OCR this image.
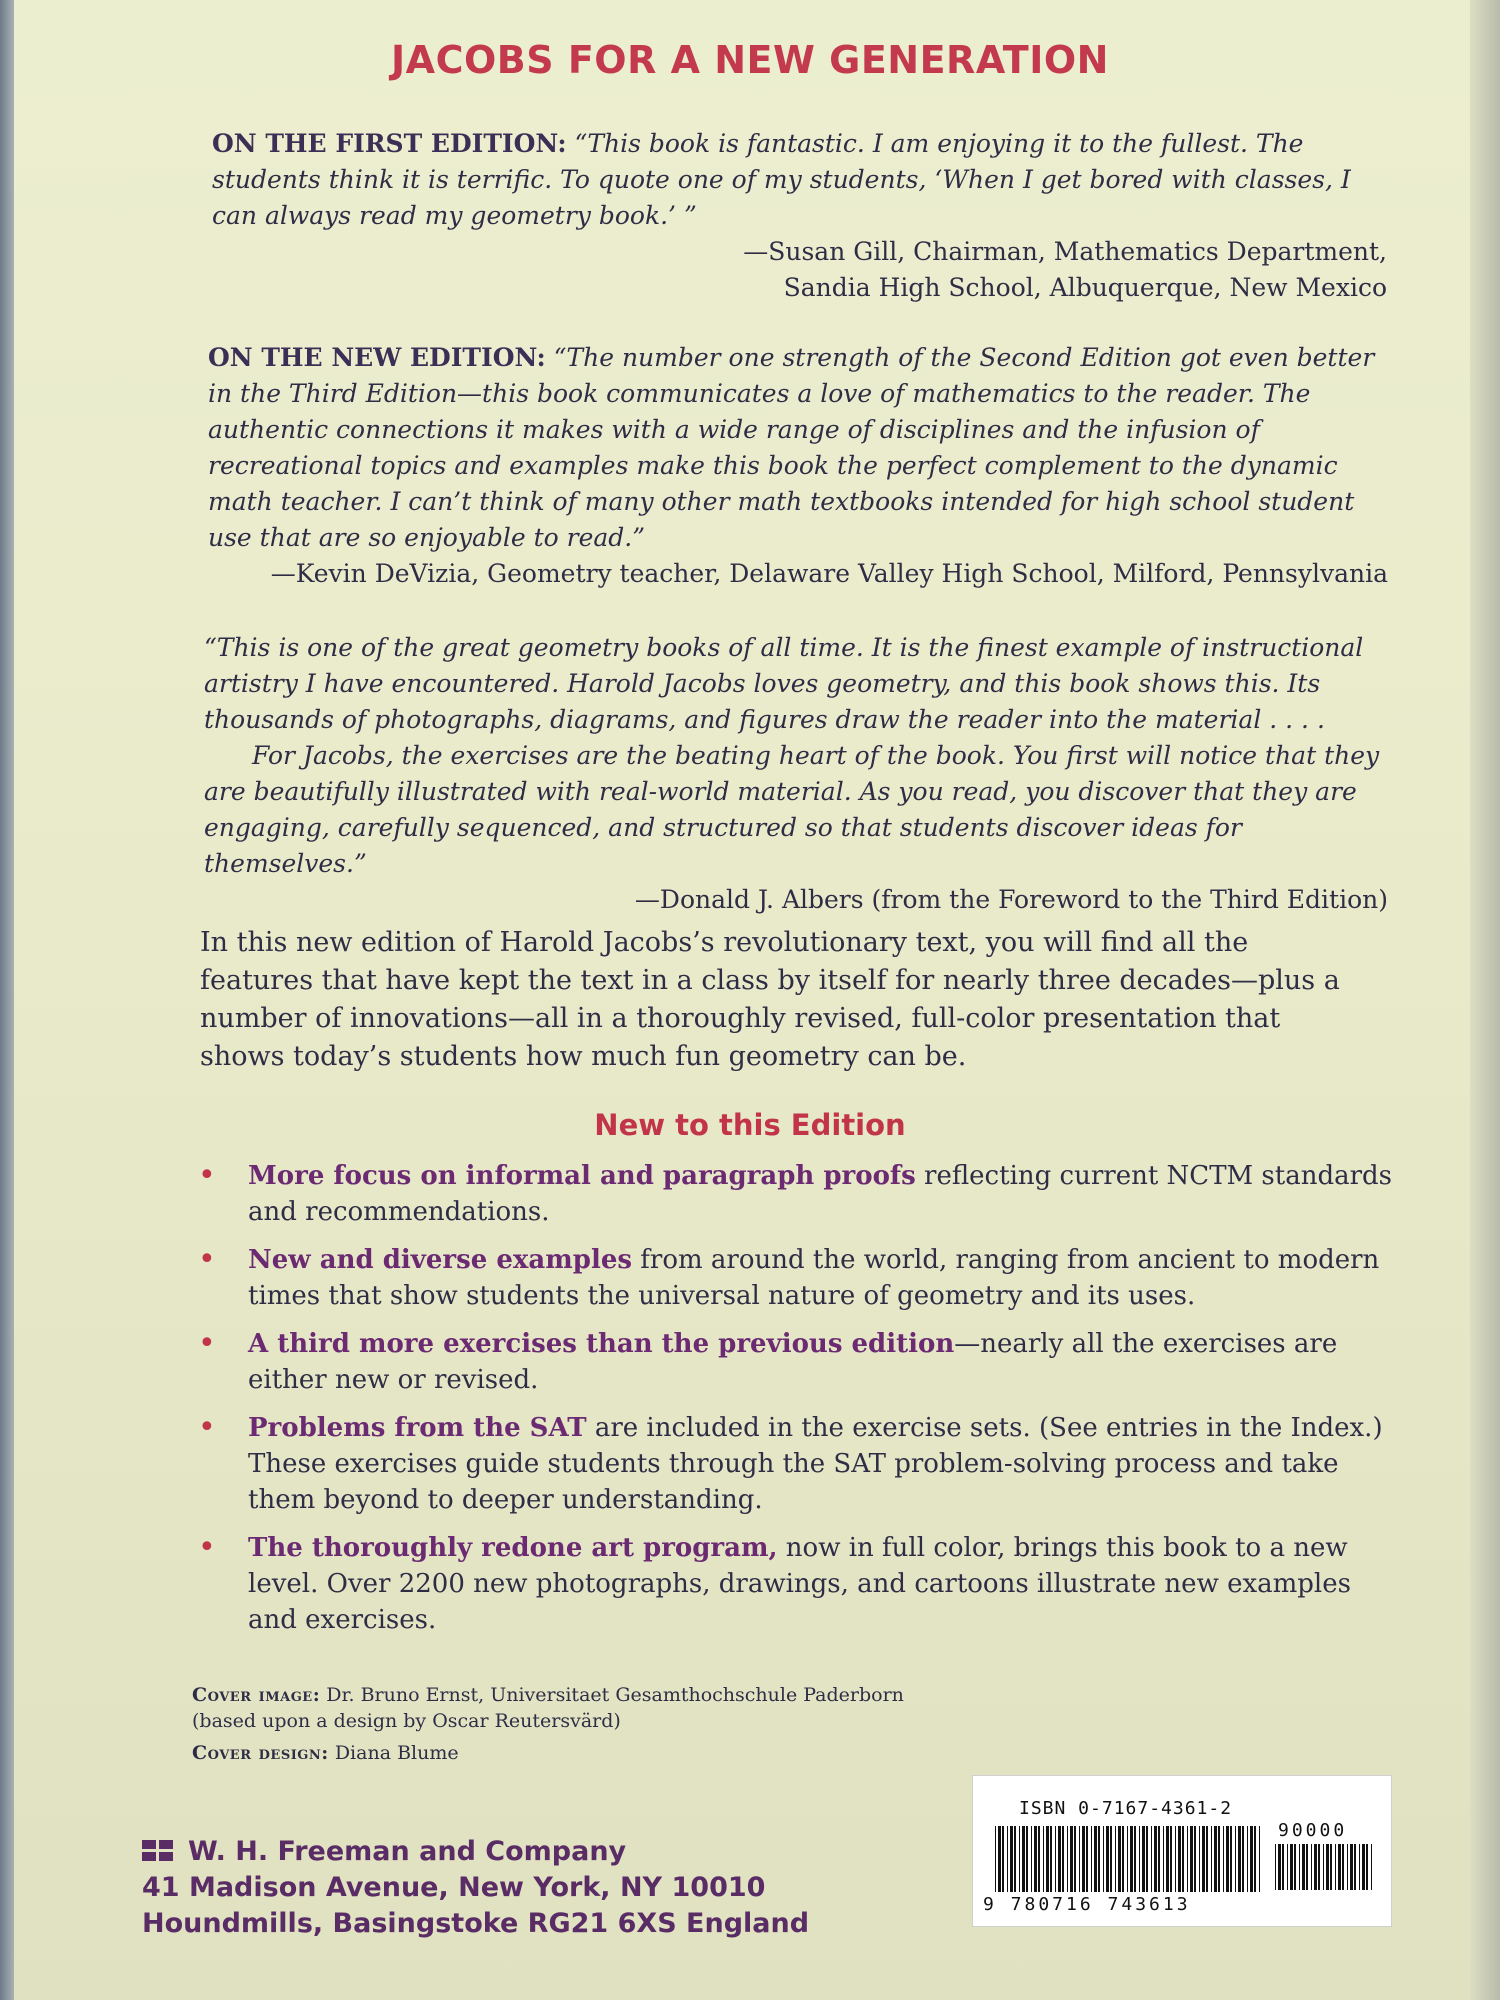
JACOBS FOR A NEW GENERATION

ON THE FIRST EDITION: “This book is fantastic. I am enjoying it to the fullest. The students think it is terrific. To quote one of my students, ‘When I get bored with classes, I can always read my geometry book.’ ”

—Susan Gill, Chairman, Mathematics Department,
Sandia High School, Albuquerque, New Mexico

ON THE NEW EDITION: “The number one strength of the Second Edition got even better in the Third Edition—this book communicates a love of mathematics to the reader. The authentic connections it makes with a wide range of disciplines and the infusion of recreational topics and examples make this book the perfect complement to the dynamic math teacher. I can’t think of many other math textbooks intended for high school student use that are so enjoyable to read.”

—Kevin DeVizia, Geometry teacher, Delaware Valley High School, Milford, Pennsylvania

“This is one of the great geometry books of all time. It is the finest example of instructional artistry I have encountered. Harold Jacobs loves geometry, and this book shows this. Its thousands of photographs, diagrams, and figures draw the reader into the material . . . .

For Jacobs, the exercises are the beating heart of the book. You first will notice that they are beautifully illustrated with real-world material. As you read, you discover that they are engaging, carefully sequenced, and structured so that students discover ideas for themselves.”

—Donald J. Albers (from the Foreword to the Third Edition)

In this new edition of Harold Jacobs’s revolutionary text, you will find all the features that have kept the text in a class by itself for nearly three decades—plus a number of innovations—all in a thoroughly revised, full-color presentation that shows today’s students how much fun geometry can be.

New to this Edition
• More focus on informal and paragraph proofs reflecting current NCTM standards and recommendations.
• New and diverse examples from around the world, ranging from ancient to modern times that show students the universal nature of geometry and its uses.
• A third more exercises than the previous edition—nearly all the exercises are either new or revised.
• Problems from the SAT are included in the exercise sets. (See entries in the Index.) These exercises guide students through the SAT problem-solving process and take them beyond to deeper understanding.
• The thoroughly redone art program, now in full color, brings this book to a new level. Over 2200 new photographs, drawings, and cartoons illustrate new examples and exercises.

Cover image: Dr. Bruno Ernst, Universitaet Gesamthochschule Paderborn (based upon a design by Oscar Reutersvärd)

Cover design: Diana Blume

W. H. Freeman and Company
41 Madison Avenue, New York, NY 10010
Houndmills, Basingstoke RG21 6XS England
ISBN 0-7167-4361-2
90000
9 780716 743613
